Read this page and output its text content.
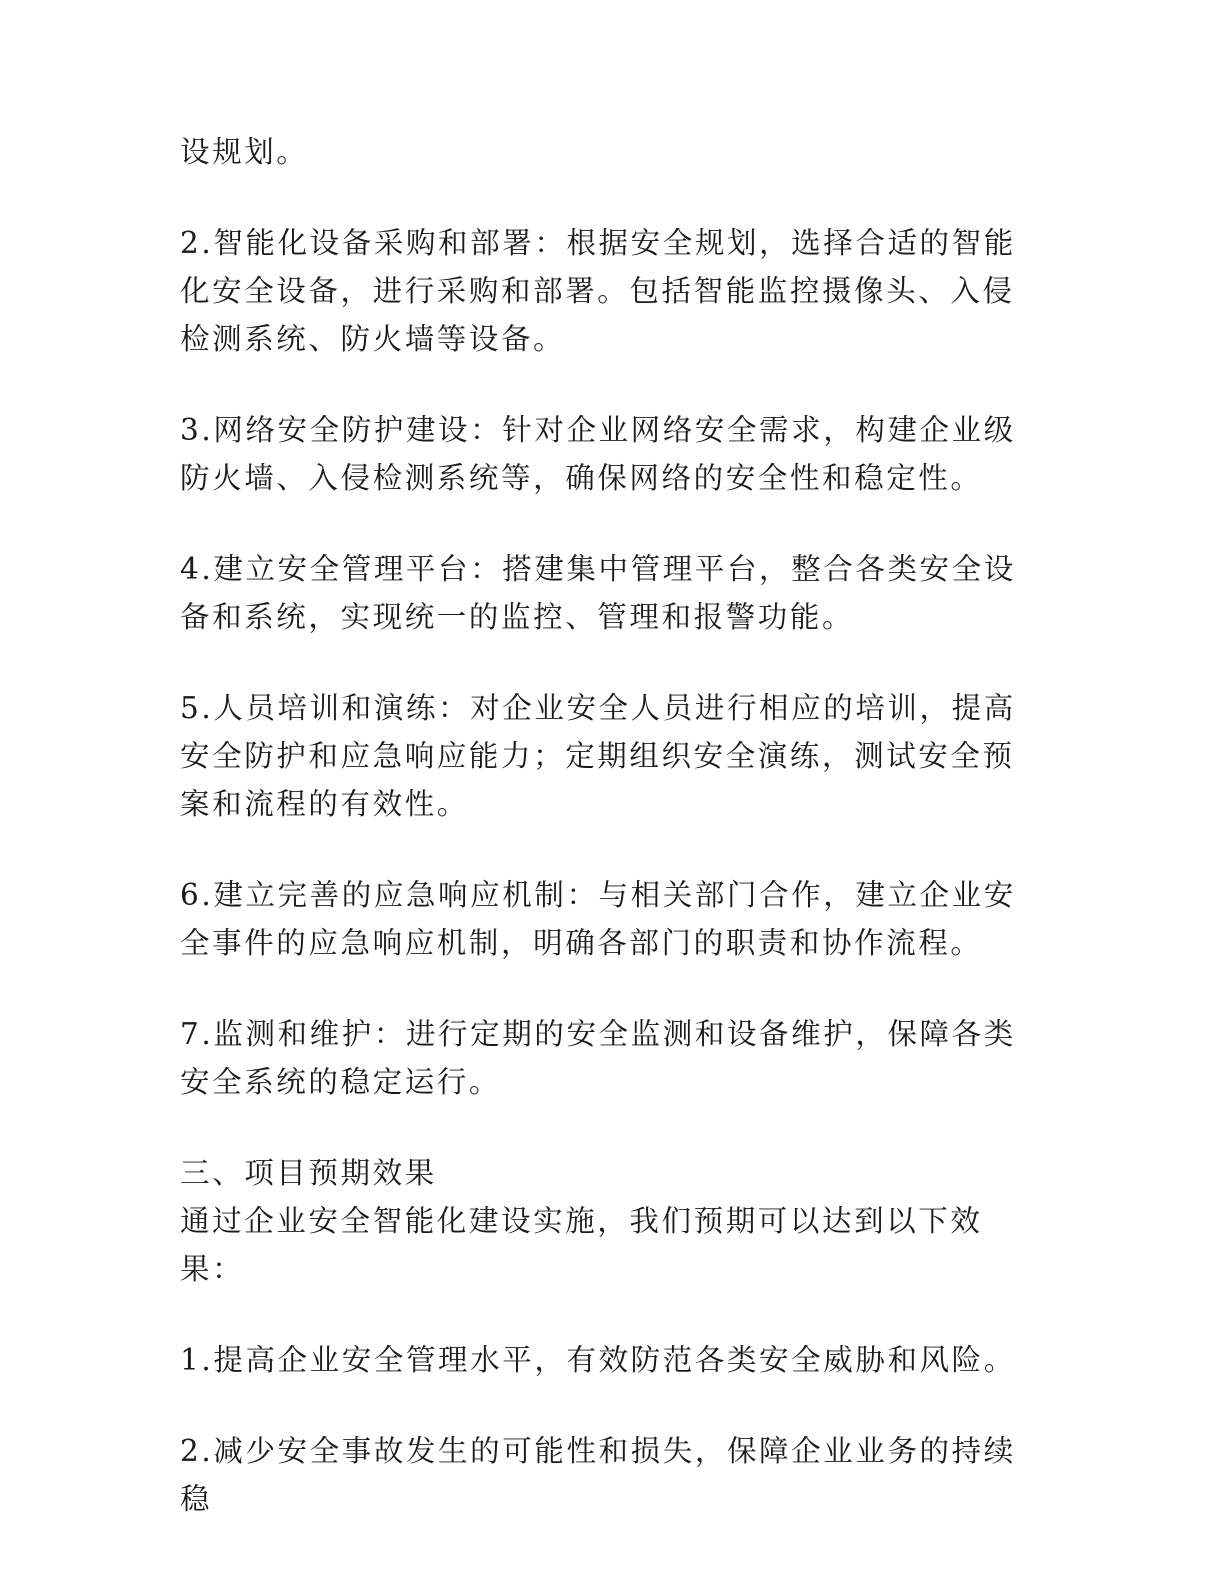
设规划。

2.智能化设备采购和部署：根据安全规划，选择合适的智能化安全设备，进行采购和部署。包括智能监控摄像头、入侵检测系统、防火墙等设备。

3.网络安全防护建设：针对企业网络安全需求，构建企业级防火墙、入侵检测系统等，确保网络的安全性和稳定性。

4.建立安全管理平台：搭建集中管理平台，整合各类安全设备和系统，实现统一的监控、管理和报警功能。

5.人员培训和演练：对企业安全人员进行相应的培训，提高安全防护和应急响应能力；定期组织安全演练，测试安全预案和流程的有效性。

6.建立完善的应急响应机制：与相关部门合作，建立企业安全事件的应急响应机制，明确各部门的职责和协作流程。

7.监测和维护：进行定期的安全监测和设备维护，保障各类安全系统的稳定运行。

三、项目预期效果

通过企业安全智能化建设实施，我们预期可以达到以下效果：

1.提高企业安全管理水平，有效防范各类安全威胁和风险。

2.减少安全事故发生的可能性和损失，保障企业业务的持续稳
